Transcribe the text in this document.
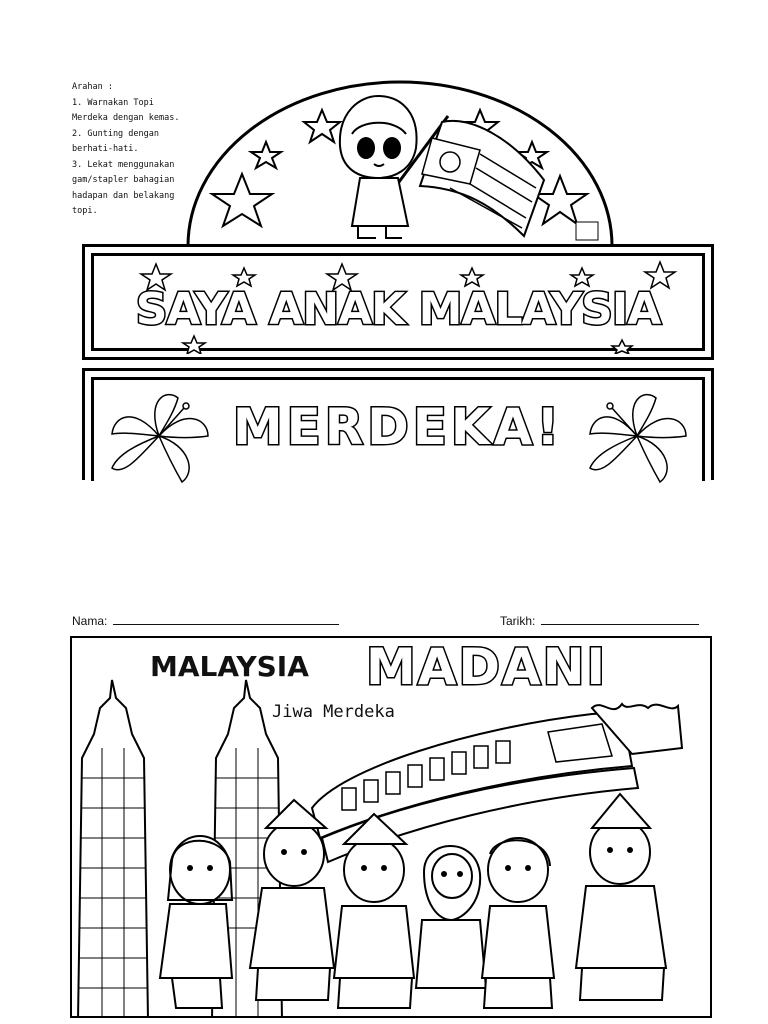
Arahan :
1. Warnakan Topi
Merdeka dengan kemas.
2. Gunting dengan
berhati-hati.
3. Lekat menggunakan
gam/stapler bahagian
hadapan dan belakang
topi.
SAYA ANAK MALAYSIA
MERDEKA!
Nama:	Tarikh:
MALAYSIA MADANI
Jiwa Merdeka
